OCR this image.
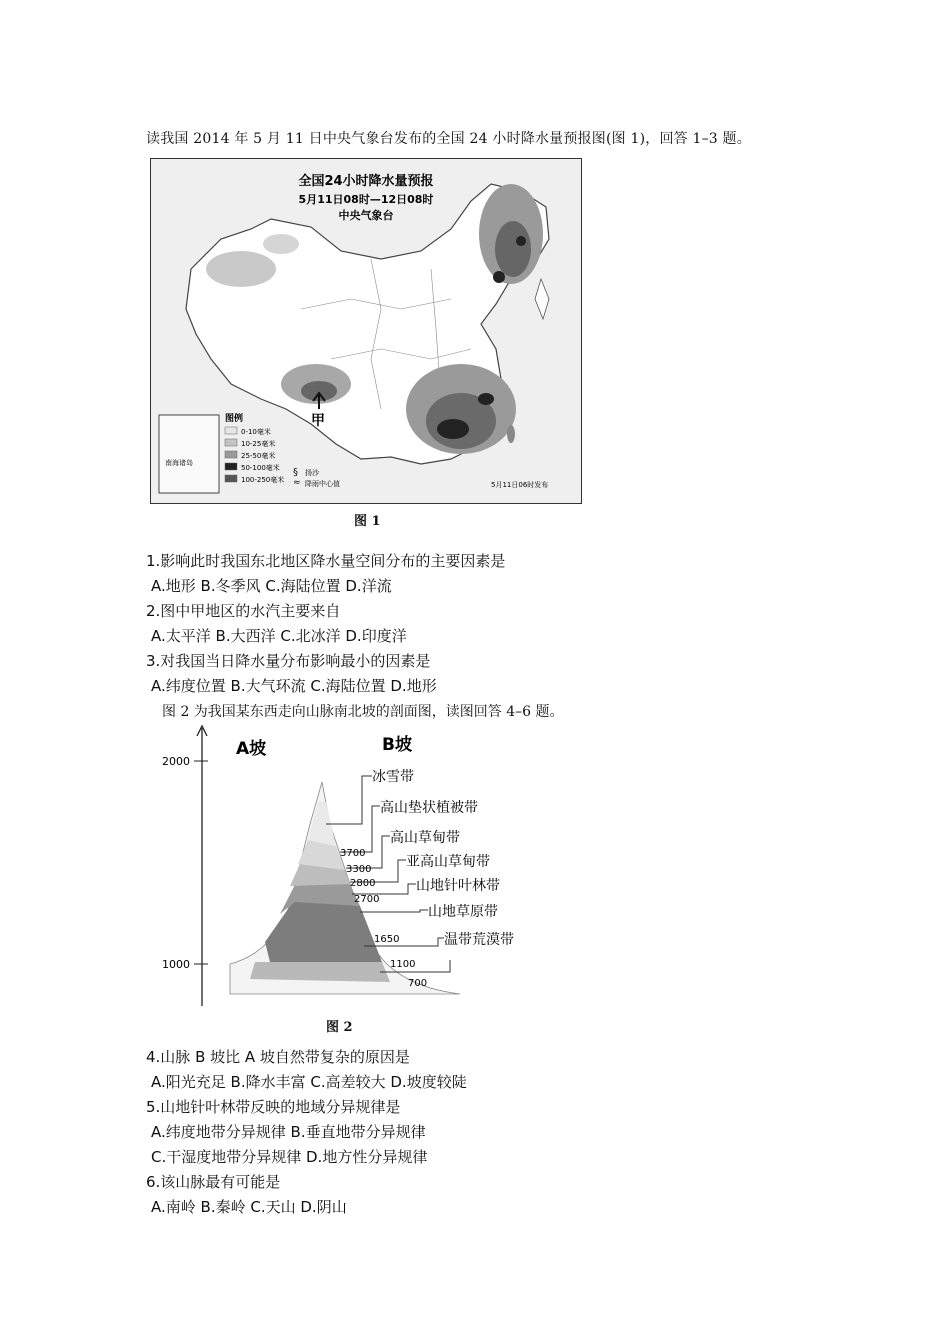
读我国 2014 年 5 月 11 日中央气象台发布的全国 24 小时降水量预报图(图 1)，回答 1–3 题。
§
≈
全国24小时降水量预报
5月11日08时—12日08时
中央气象台
甲
南海诸岛
图例
0-10毫米
10-25毫米
25-50毫米
50-100毫米
100-250毫米
扬沙
降雨中心值	5月11日06时发布
图 1
1.影响此时我国东北地区降水量空间分布的主要因素是
A.地形 B.冬季风 C.海陆位置 D.洋流
2.图中甲地区的水汽主要来自
A.太平洋 B.大西洋 C.北冰洋 D.印度洋
3.对我国当日降水量分布影响最小的因素是
A.纬度位置 B.大气环流 C.海陆位置 D.地形
图 2 为我国某东西走向山脉南北坡的剖面图，读图回答 4–6 题。
1000
2000
A坡	B坡
冰雪带
高山垫状植被带
高山草甸带
亚高山草甸带
山地针叶林带
山地草原带
温带荒漠带
3700
3300
2800
2700
1650
1100
700
图 2
4.山脉 B 坡比 A 坡自然带复杂的原因是
A.阳光充足 B.降水丰富 C.高差较大 D.坡度较陡
5.山地针叶林带反映的地域分异规律是
A.纬度地带分异规律 B.垂直地带分异规律
C.干湿度地带分异规律 D.地方性分异规律
6.该山脉最有可能是
A.南岭 B.秦岭 C.天山 D.阴山
